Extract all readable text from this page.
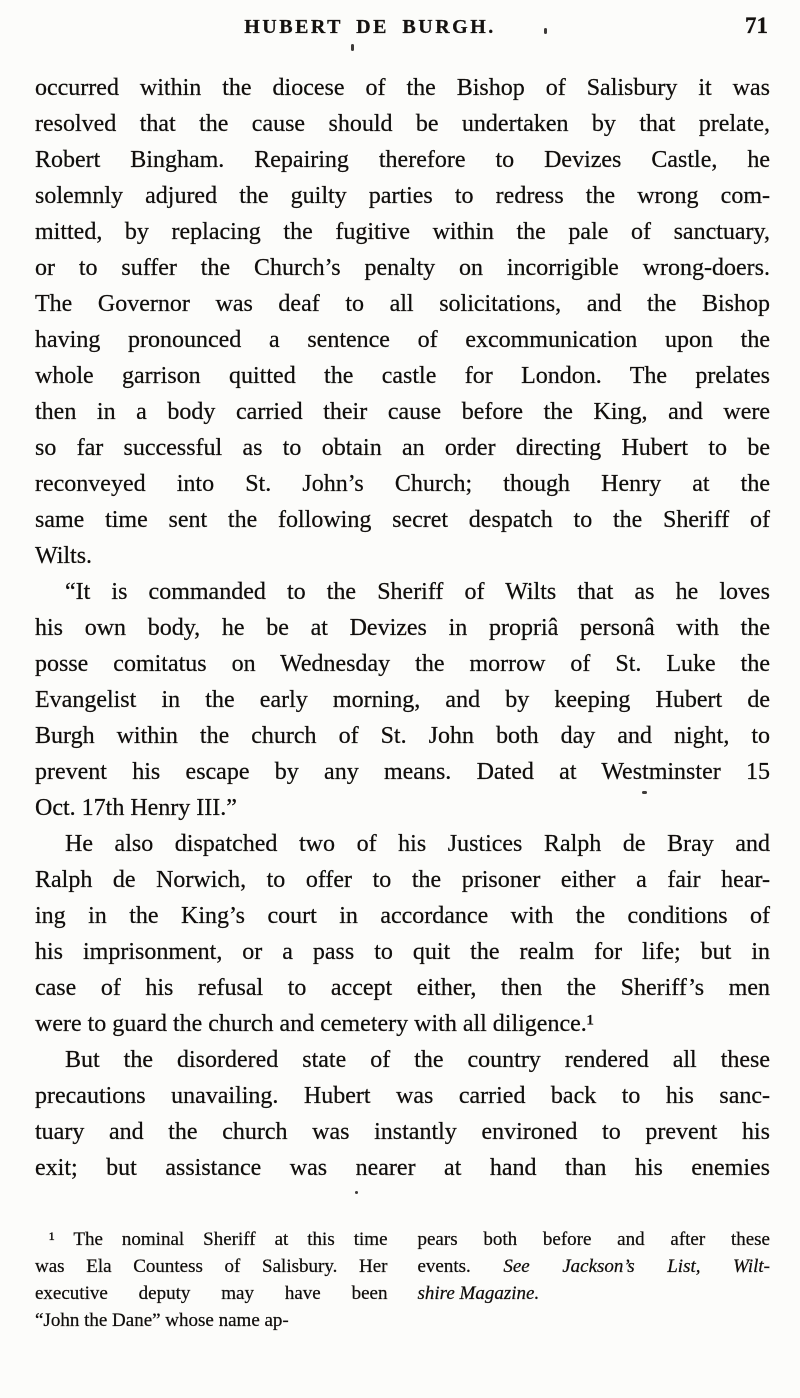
HUBERT DE BURGH.	71
occurred within the diocese of the Bishop of Salisbury it was
resolved that the cause should be undertaken by that prelate,
Robert Bingham. Repairing therefore to Devizes Castle, he
solemnly adjured the guilty parties to redress the wrong com-
mitted, by replacing the fugitive within the pale of sanctuary,
or to suffer the Church’s penalty on incorrigible wrong-doers.
The Governor was deaf to all solicitations, and the Bishop
having pronounced a sentence of excommunication upon the
whole garrison quitted the castle for London. The prelates
then in a body carried their cause before the King, and were
so far successful as to obtain an order directing Hubert to be
reconveyed into St. John’s Church; though Henry at the
same time sent the following secret despatch to the Sheriff of
Wilts.
“It is commanded to the Sheriff of Wilts that as he loves
his own body, he be at Devizes in propriâ personâ with the
posse comitatus on Wednesday the morrow of St. Luke the
Evangelist in the early morning, and by keeping Hubert de
Burgh within the church of St. John both day and night, to
prevent his escape by any means. Dated at Westminster 15
Oct. 17th Henry III.”
He also dispatched two of his Justices Ralph de Bray and
Ralph de Norwich, to offer to the prisoner either a fair hear-
ing in the King’s court in accordance with the conditions of
his imprisonment, or a pass to quit the realm for life; but in
case of his refusal to accept either, then the Sheriff’s men
were to guard the church and cemetery with all diligence.¹
But the disordered state of the country rendered all these
precautions unavailing. Hubert was carried back to his sanc-
tuary and the church was instantly environed to prevent his
exit; but assistance was nearer at hand than his enemies
¹ The nominal Sheriff at this time
was Ela Countess of Salisbury. Her
executive deputy may have been
“John the Dane” whose name ap-
pears both before and after these
events. See Jackson’s List, Wilt-
shire Magazine.
